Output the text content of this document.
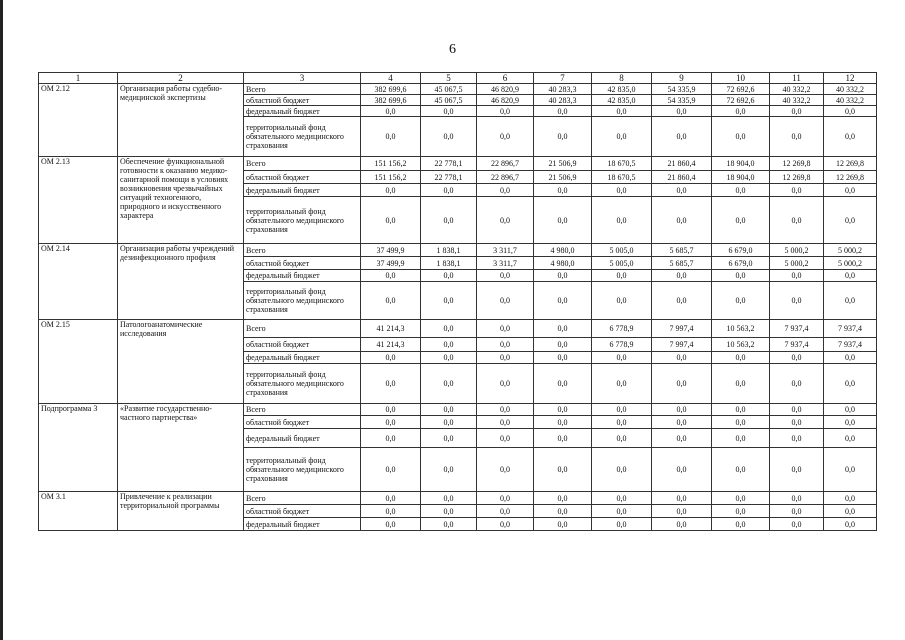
6
1	2	3	4	5	6	7	8	9	10	11	12
ОМ 2.12	Организация работы судебно-медицинской экспертизы	Всего	382 699,6	45 067,5	46 820,9	40 283,3	42 835,0	54 335,9	72 692,6	40 332,2	40 332,2
		областной бюджет	382 699,6	45 067,5	46 820,9	40 283,3	42 835,0	54 335,9	72 692,6	40 332,2	40 332,2
		федеральный бюджет	0,0	0,0	0,0	0,0	0,0	0,0	0,0	0,0	0,0
		территориальный фонд обязательного медицинского страхования	0,0	0,0	0,0	0,0	0,0	0,0	0,0	0,0	0,0
ОМ 2.13	Обеспечение функциональной готовности к оказанию медико-санитарной помощи в условиях возникновения чрезвычайных ситуаций техногенного, природного и искусственного характера	Всего	151 156,2	22 778,1	22 896,7	21 506,9	18 670,5	21 860,4	18 904,0	12 269,8	12 269,8
		областной бюджет	151 156,2	22 778,1	22 896,7	21 506,9	18 670,5	21 860,4	18 904,0	12 269,8	12 269,8
		федеральный бюджет	0,0	0,0	0,0	0,0	0,0	0,0	0,0	0,0	0,0
		территориальный фонд обязательного медицинского страхования	0,0	0,0	0,0	0,0	0,0	0,0	0,0	0,0	0,0
ОМ 2.14	Организация работы учреждений дезинфекционного профиля	Всего	37 499,9	1 838,1	3 311,7	4 980,0	5 005,0	5 685,7	6 679,0	5 000,2	5 000,2
		областной бюджет	37 499,9	1 838,1	3 311,7	4 980,0	5 005,0	5 685,7	6 679,0	5 000,2	5 000,2
		федеральный бюджет	0,0	0,0	0,0	0,0	0,0	0,0	0,0	0,0	0,0
		территориальный фонд обязательного медицинского страхования	0,0	0,0	0,0	0,0	0,0	0,0	0,0	0,0	0,0
ОМ 2.15	Патологоанатомические исследования	Всего	41 214,3	0,0	0,0	0,0	6 778,9	7 997,4	10 563,2	7 937,4	7 937,4
		областной бюджет	41 214,3	0,0	0,0	0,0	6 778,9	7 997,4	10 563,2	7 937,4	7 937,4
		федеральный бюджет	0,0	0,0	0,0	0,0	0,0	0,0	0,0	0,0	0,0
		территориальный фонд обязательного медицинского страхования	0,0	0,0	0,0	0,0	0,0	0,0	0,0	0,0	0,0
Подпрограмма 3	«Развитие государственно-частного партнерства»	Всего	0,0	0,0	0,0	0,0	0,0	0,0	0,0	0,0	0,0
		областной бюджет	0,0	0,0	0,0	0,0	0,0	0,0	0,0	0,0	0,0
		федеральный бюджет	0,0	0,0	0,0	0,0	0,0	0,0	0,0	0,0	0,0
		территориальный фонд обязательного медицинского страхования	0,0	0,0	0,0	0,0	0,0	0,0	0,0	0,0	0,0
ОМ 3.1	Привлечение к реализации территориальной программы	Всего	0,0	0,0	0,0	0,0	0,0	0,0	0,0	0,0	0,0
		областной бюджет	0,0	0,0	0,0	0,0	0,0	0,0	0,0	0,0	0,0
		федеральный бюджет	0,0	0,0	0,0	0,0	0,0	0,0	0,0	0,0	0,0
